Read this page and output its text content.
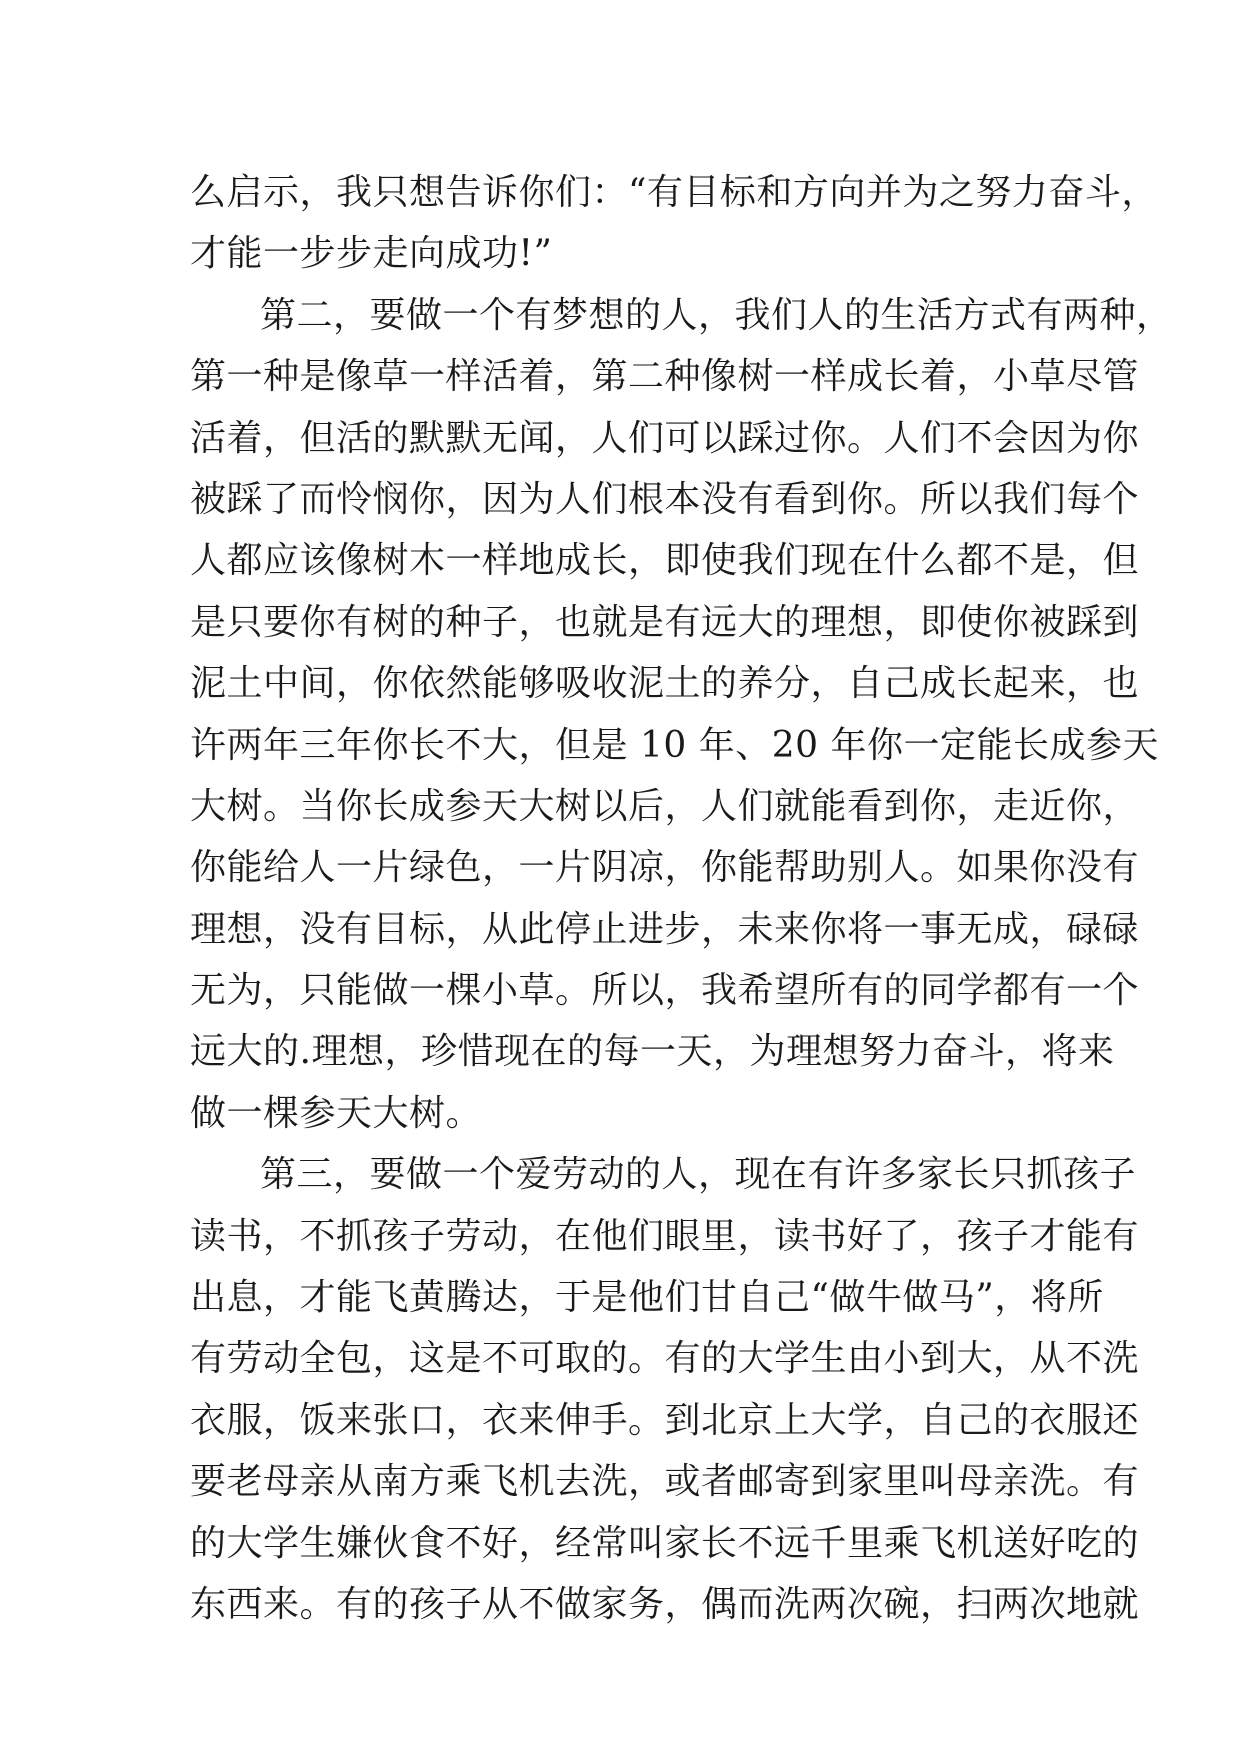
么启示，我只想告诉你们：“有目标和方向并为之努力奋斗，
才能一步步走向成功!”
第二，要做一个有梦想的人，我们人的生活方式有两种，
第一种是像草一样活着，第二种像树一样成长着，小草尽管
活着，但活的默默无闻，人们可以踩过你。人们不会因为你
被踩了而怜悯你，因为人们根本没有看到你。所以我们每个
人都应该像树木一样地成长，即使我们现在什么都不是，但
是只要你有树的种子，也就是有远大的理想，即使你被踩到
泥土中间，你依然能够吸收泥土的养分，自己成长起来，也
许两年三年你长不大，但是 10 年、20 年你一定能长成参天
大树。当你长成参天大树以后，人们就能看到你，走近你，
你能给人一片绿色，一片阴凉，你能帮助别人。如果你没有
理想，没有目标，从此停止进步，未来你将一事无成，碌碌
无为，只能做一棵小草。所以，我希望所有的同学都有一个
远大的.理想，珍惜现在的每一天，为理想努力奋斗，将来
做一棵参天大树。
第三，要做一个爱劳动的人，现在有许多家长只抓孩子
读书，不抓孩子劳动，在他们眼里，读书好了，孩子才能有
出息，才能飞黄腾达，于是他们甘自己“做牛做马”，将所
有劳动全包，这是不可取的。有的大学生由小到大，从不洗
衣服，饭来张口，衣来伸手。到北京上大学，自己的衣服还
要老母亲从南方乘飞机去洗，或者邮寄到家里叫母亲洗。有
的大学生嫌伙食不好，经常叫家长不远千里乘飞机送好吃的
东西来。有的孩子从不做家务，偶而洗两次碗，扫两次地就
